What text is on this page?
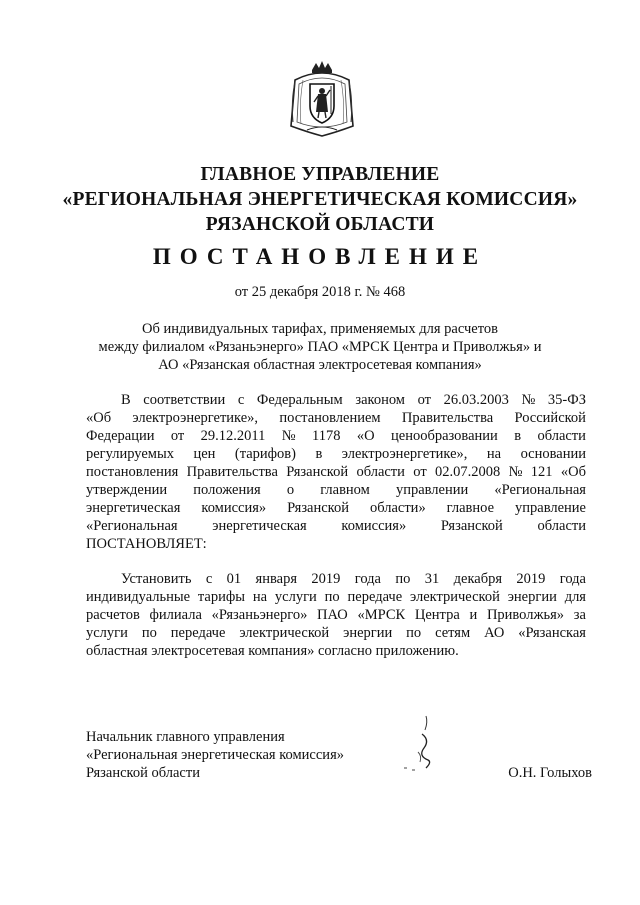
ГЛАВНОЕ УПРАВЛЕНИЕ
«РЕГИОНАЛЬНАЯ ЭНЕРГЕТИЧЕСКАЯ КОМИССИЯ»
РЯЗАНСКОЙ ОБЛАСТИ
ПОСТАНОВЛЕНИЕ
от 25 декабря 2018 г. № 468
Об индивидуальных тарифах, применяемых для расчетов
между филиалом «Рязаньэнерго» ПАО «МРСК Центра и Приволжья» и
АО «Рязанская областная электросетевая компания»
В соответствии с Федеральным законом от 26.03.2003 № 35-ФЗ
«Об электроэнергетике», постановлением Правительства Российской
Федерации от 29.12.2011 № 1178 «О ценообразовании в области
регулируемых цен (тарифов) в электроэнергетике», на основании
постановления Правительства Рязанской области от 02.07.2008 № 121 «Об
утверждении положения о главном управлении «Региональная
энергетическая комиссия» Рязанской области» главное управление
«Региональная энергетическая комиссия» Рязанской области
ПОСТАНОВЛЯЕТ:
Установить с 01 января 2019 года по 31 декабря 2019 года
индивидуальные тарифы на услуги по передаче электрической энергии для
расчетов филиала «Рязаньэнерго» ПАО «МРСК Центра и Приволжья» за
услуги по передаче электрической энергии по сетям АО «Рязанская
областная электросетевая компания» согласно приложению.
Начальник главного управления
«Региональная энергетическая комиссия»
Рязанской области	О.Н. Голыхов
